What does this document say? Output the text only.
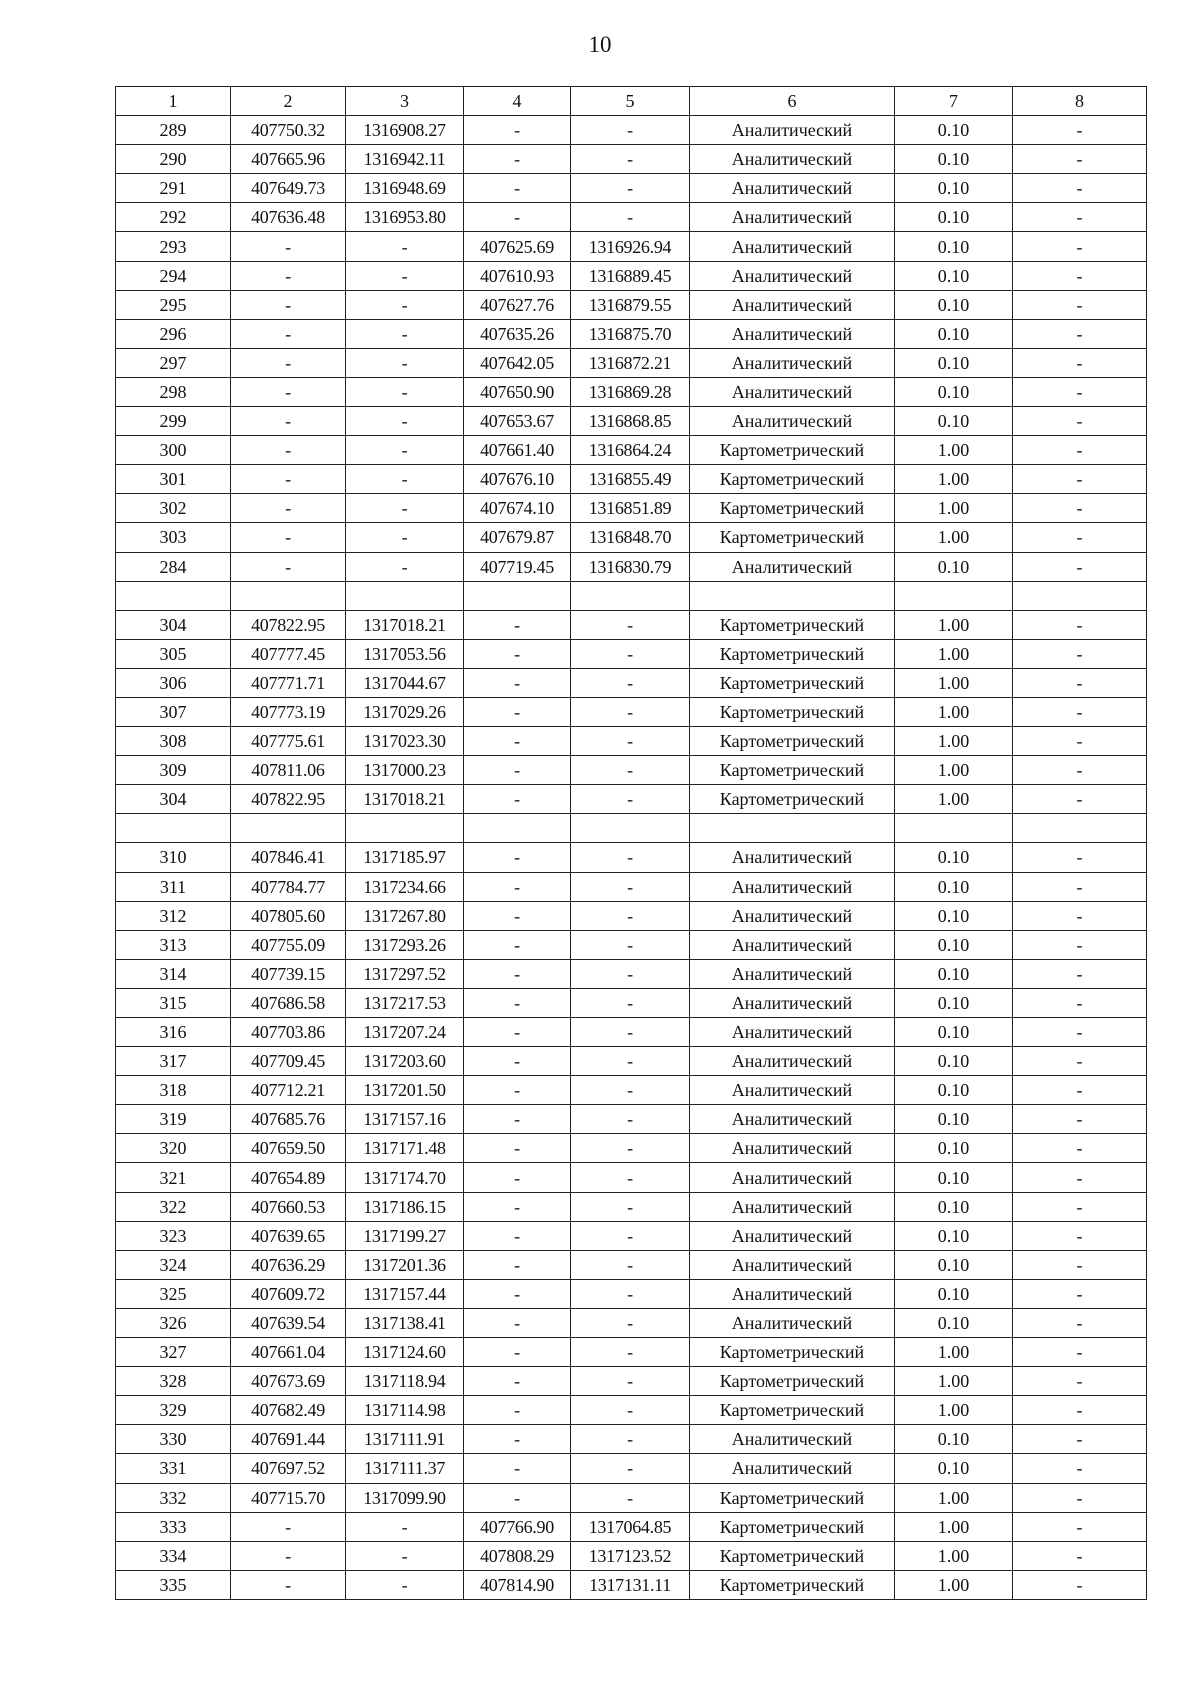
10
1	2	3	4	5	6	7	8
289	407750.32	1316908.27	-	-	Аналитический	0.10	-
290	407665.96	1316942.11	-	-	Аналитический	0.10	-
291	407649.73	1316948.69	-	-	Аналитический	0.10	-
292	407636.48	1316953.80	-	-	Аналитический	0.10	-
293	-	-	407625.69	1316926.94	Аналитический	0.10	-
294	-	-	407610.93	1316889.45	Аналитический	0.10	-
295	-	-	407627.76	1316879.55	Аналитический	0.10	-
296	-	-	407635.26	1316875.70	Аналитический	0.10	-
297	-	-	407642.05	1316872.21	Аналитический	0.10	-
298	-	-	407650.90	1316869.28	Аналитический	0.10	-
299	-	-	407653.67	1316868.85	Аналитический	0.10	-
300	-	-	407661.40	1316864.24	Картометрический	1.00	-
301	-	-	407676.10	1316855.49	Картометрический	1.00	-
302	-	-	407674.10	1316851.89	Картометрический	1.00	-
303	-	-	407679.87	1316848.70	Картометрический	1.00	-
284	-	-	407719.45	1316830.79	Аналитический	0.10	-

304	407822.95	1317018.21	-	-	Картометрический	1.00	-
305	407777.45	1317053.56	-	-	Картометрический	1.00	-
306	407771.71	1317044.67	-	-	Картометрический	1.00	-
307	407773.19	1317029.26	-	-	Картометрический	1.00	-
308	407775.61	1317023.30	-	-	Картометрический	1.00	-
309	407811.06	1317000.23	-	-	Картометрический	1.00	-
304	407822.95	1317018.21	-	-	Картометрический	1.00	-

310	407846.41	1317185.97	-	-	Аналитический	0.10	-
311	407784.77	1317234.66	-	-	Аналитический	0.10	-
312	407805.60	1317267.80	-	-	Аналитический	0.10	-
313	407755.09	1317293.26	-	-	Аналитический	0.10	-
314	407739.15	1317297.52	-	-	Аналитический	0.10	-
315	407686.58	1317217.53	-	-	Аналитический	0.10	-
316	407703.86	1317207.24	-	-	Аналитический	0.10	-
317	407709.45	1317203.60	-	-	Аналитический	0.10	-
318	407712.21	1317201.50	-	-	Аналитический	0.10	-
319	407685.76	1317157.16	-	-	Аналитический	0.10	-
320	407659.50	1317171.48	-	-	Аналитический	0.10	-
321	407654.89	1317174.70	-	-	Аналитический	0.10	-
322	407660.53	1317186.15	-	-	Аналитический	0.10	-
323	407639.65	1317199.27	-	-	Аналитический	0.10	-
324	407636.29	1317201.36	-	-	Аналитический	0.10	-
325	407609.72	1317157.44	-	-	Аналитический	0.10	-
326	407639.54	1317138.41	-	-	Аналитический	0.10	-
327	407661.04	1317124.60	-	-	Картометрический	1.00	-
328	407673.69	1317118.94	-	-	Картометрический	1.00	-
329	407682.49	1317114.98	-	-	Картометрический	1.00	-
330	407691.44	1317111.91	-	-	Аналитический	0.10	-
331	407697.52	1317111.37	-	-	Аналитический	0.10	-
332	407715.70	1317099.90	-	-	Картометрический	1.00	-
333	-	-	407766.90	1317064.85	Картометрический	1.00	-
334	-	-	407808.29	1317123.52	Картометрический	1.00	-
335	-	-	407814.90	1317131.11	Картометрический	1.00	-
